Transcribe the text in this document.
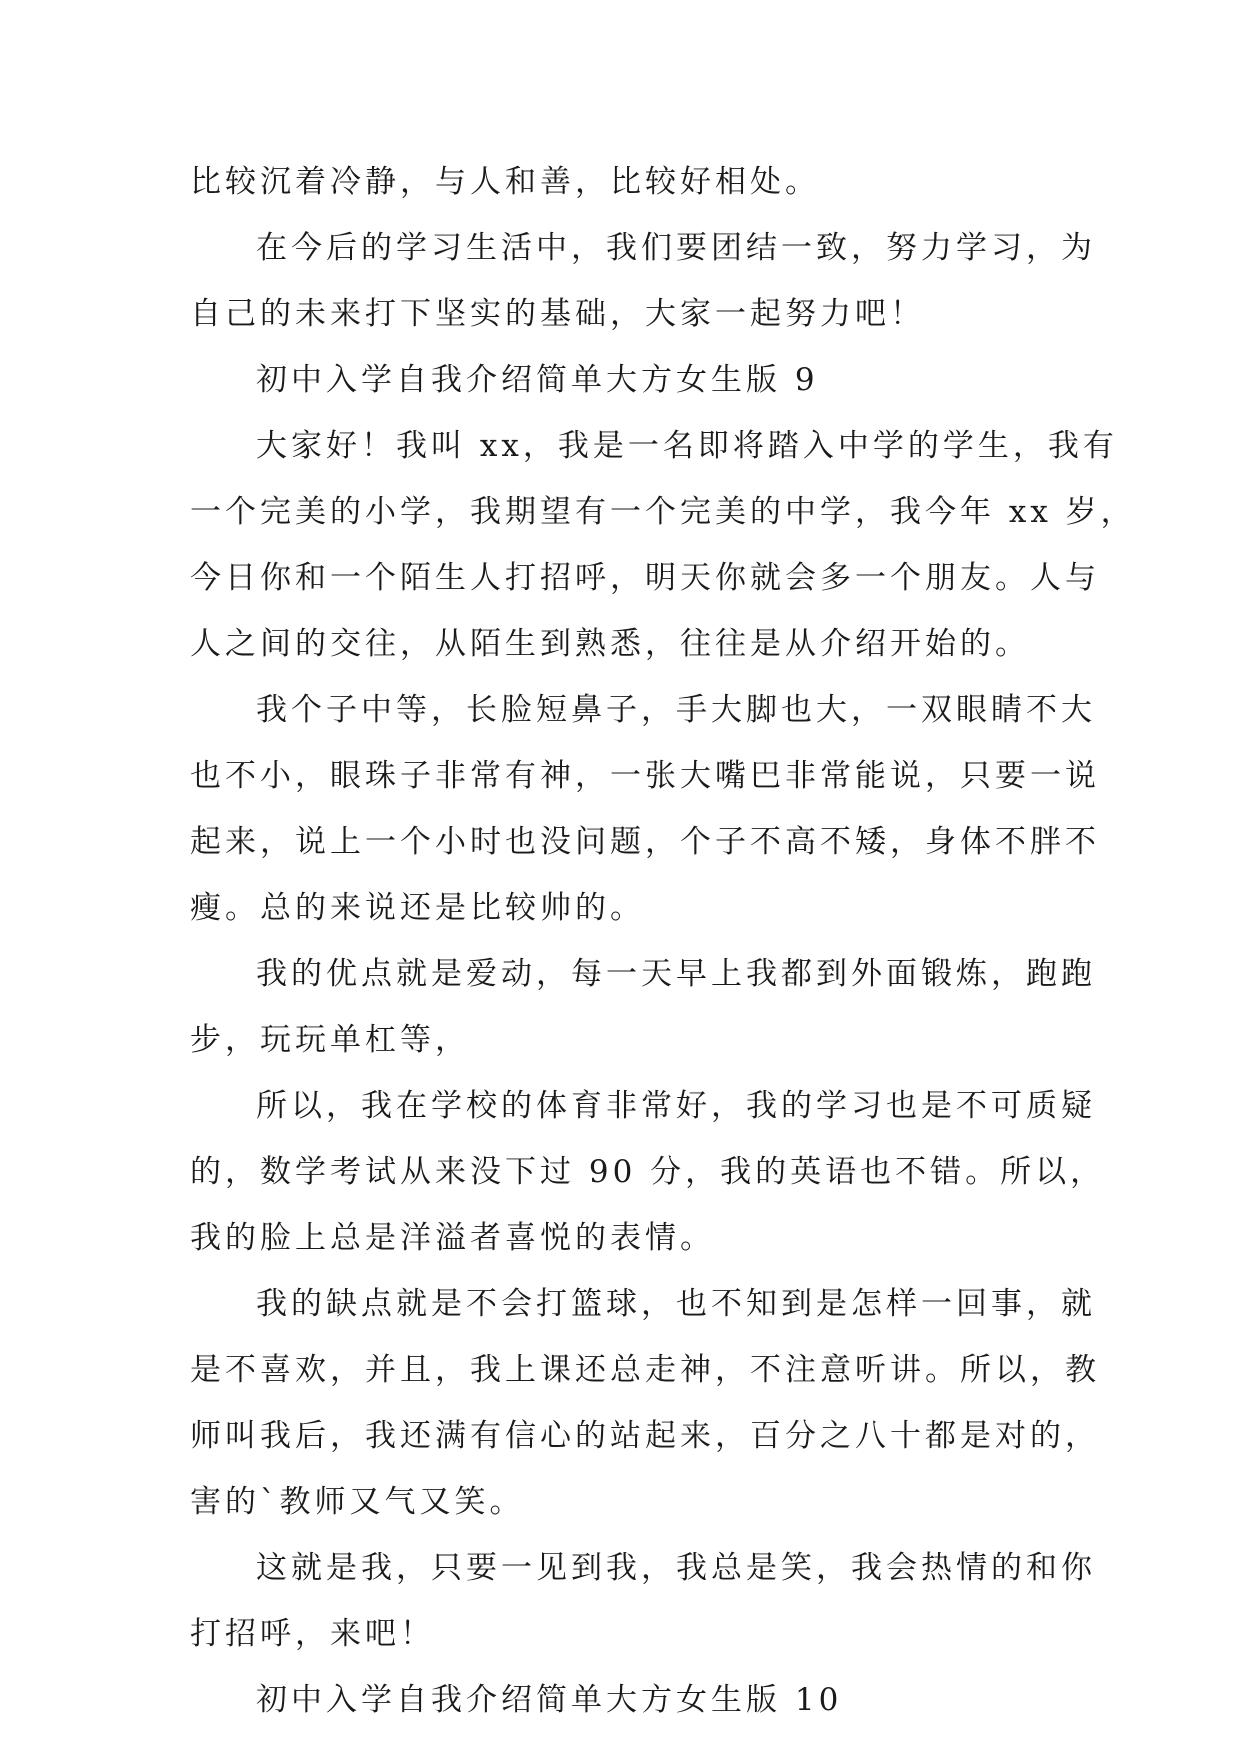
比较沉着冷静，与人和善，比较好相处。
在今后的学习生活中，我们要团结一致，努力学习，为
自己的未来打下坚实的基础，大家一起努力吧！
初中入学自我介绍简单大方女生版 9
大家好！我叫 xx，我是一名即将踏入中学的学生，我有
一个完美的小学，我期望有一个完美的中学，我今年 xx 岁，
今日你和一个陌生人打招呼，明天你就会多一个朋友。人与
人之间的交往，从陌生到熟悉，往往是从介绍开始的。
我个子中等，长脸短鼻子，手大脚也大，一双眼睛不大
也不小，眼珠子非常有神，一张大嘴巴非常能说，只要一说
起来，说上一个小时也没问题，个子不高不矮，身体不胖不
瘦。总的来说还是比较帅的。
我的优点就是爱动，每一天早上我都到外面锻炼，跑跑
步，玩玩单杠等，
所以，我在学校的体育非常好，我的学习也是不可质疑
的，数学考试从来没下过 90 分，我的英语也不错。所以，
我的脸上总是洋溢者喜悦的表情。
我的缺点就是不会打篮球，也不知到是怎样一回事，就
是不喜欢，并且，我上课还总走神，不注意听讲。所以，教
师叫我后，我还满有信心的站起来，百分之八十都是对的，
害的`教师又气又笑。
这就是我，只要一见到我，我总是笑，我会热情的和你
打招呼，来吧！
初中入学自我介绍简单大方女生版 10
